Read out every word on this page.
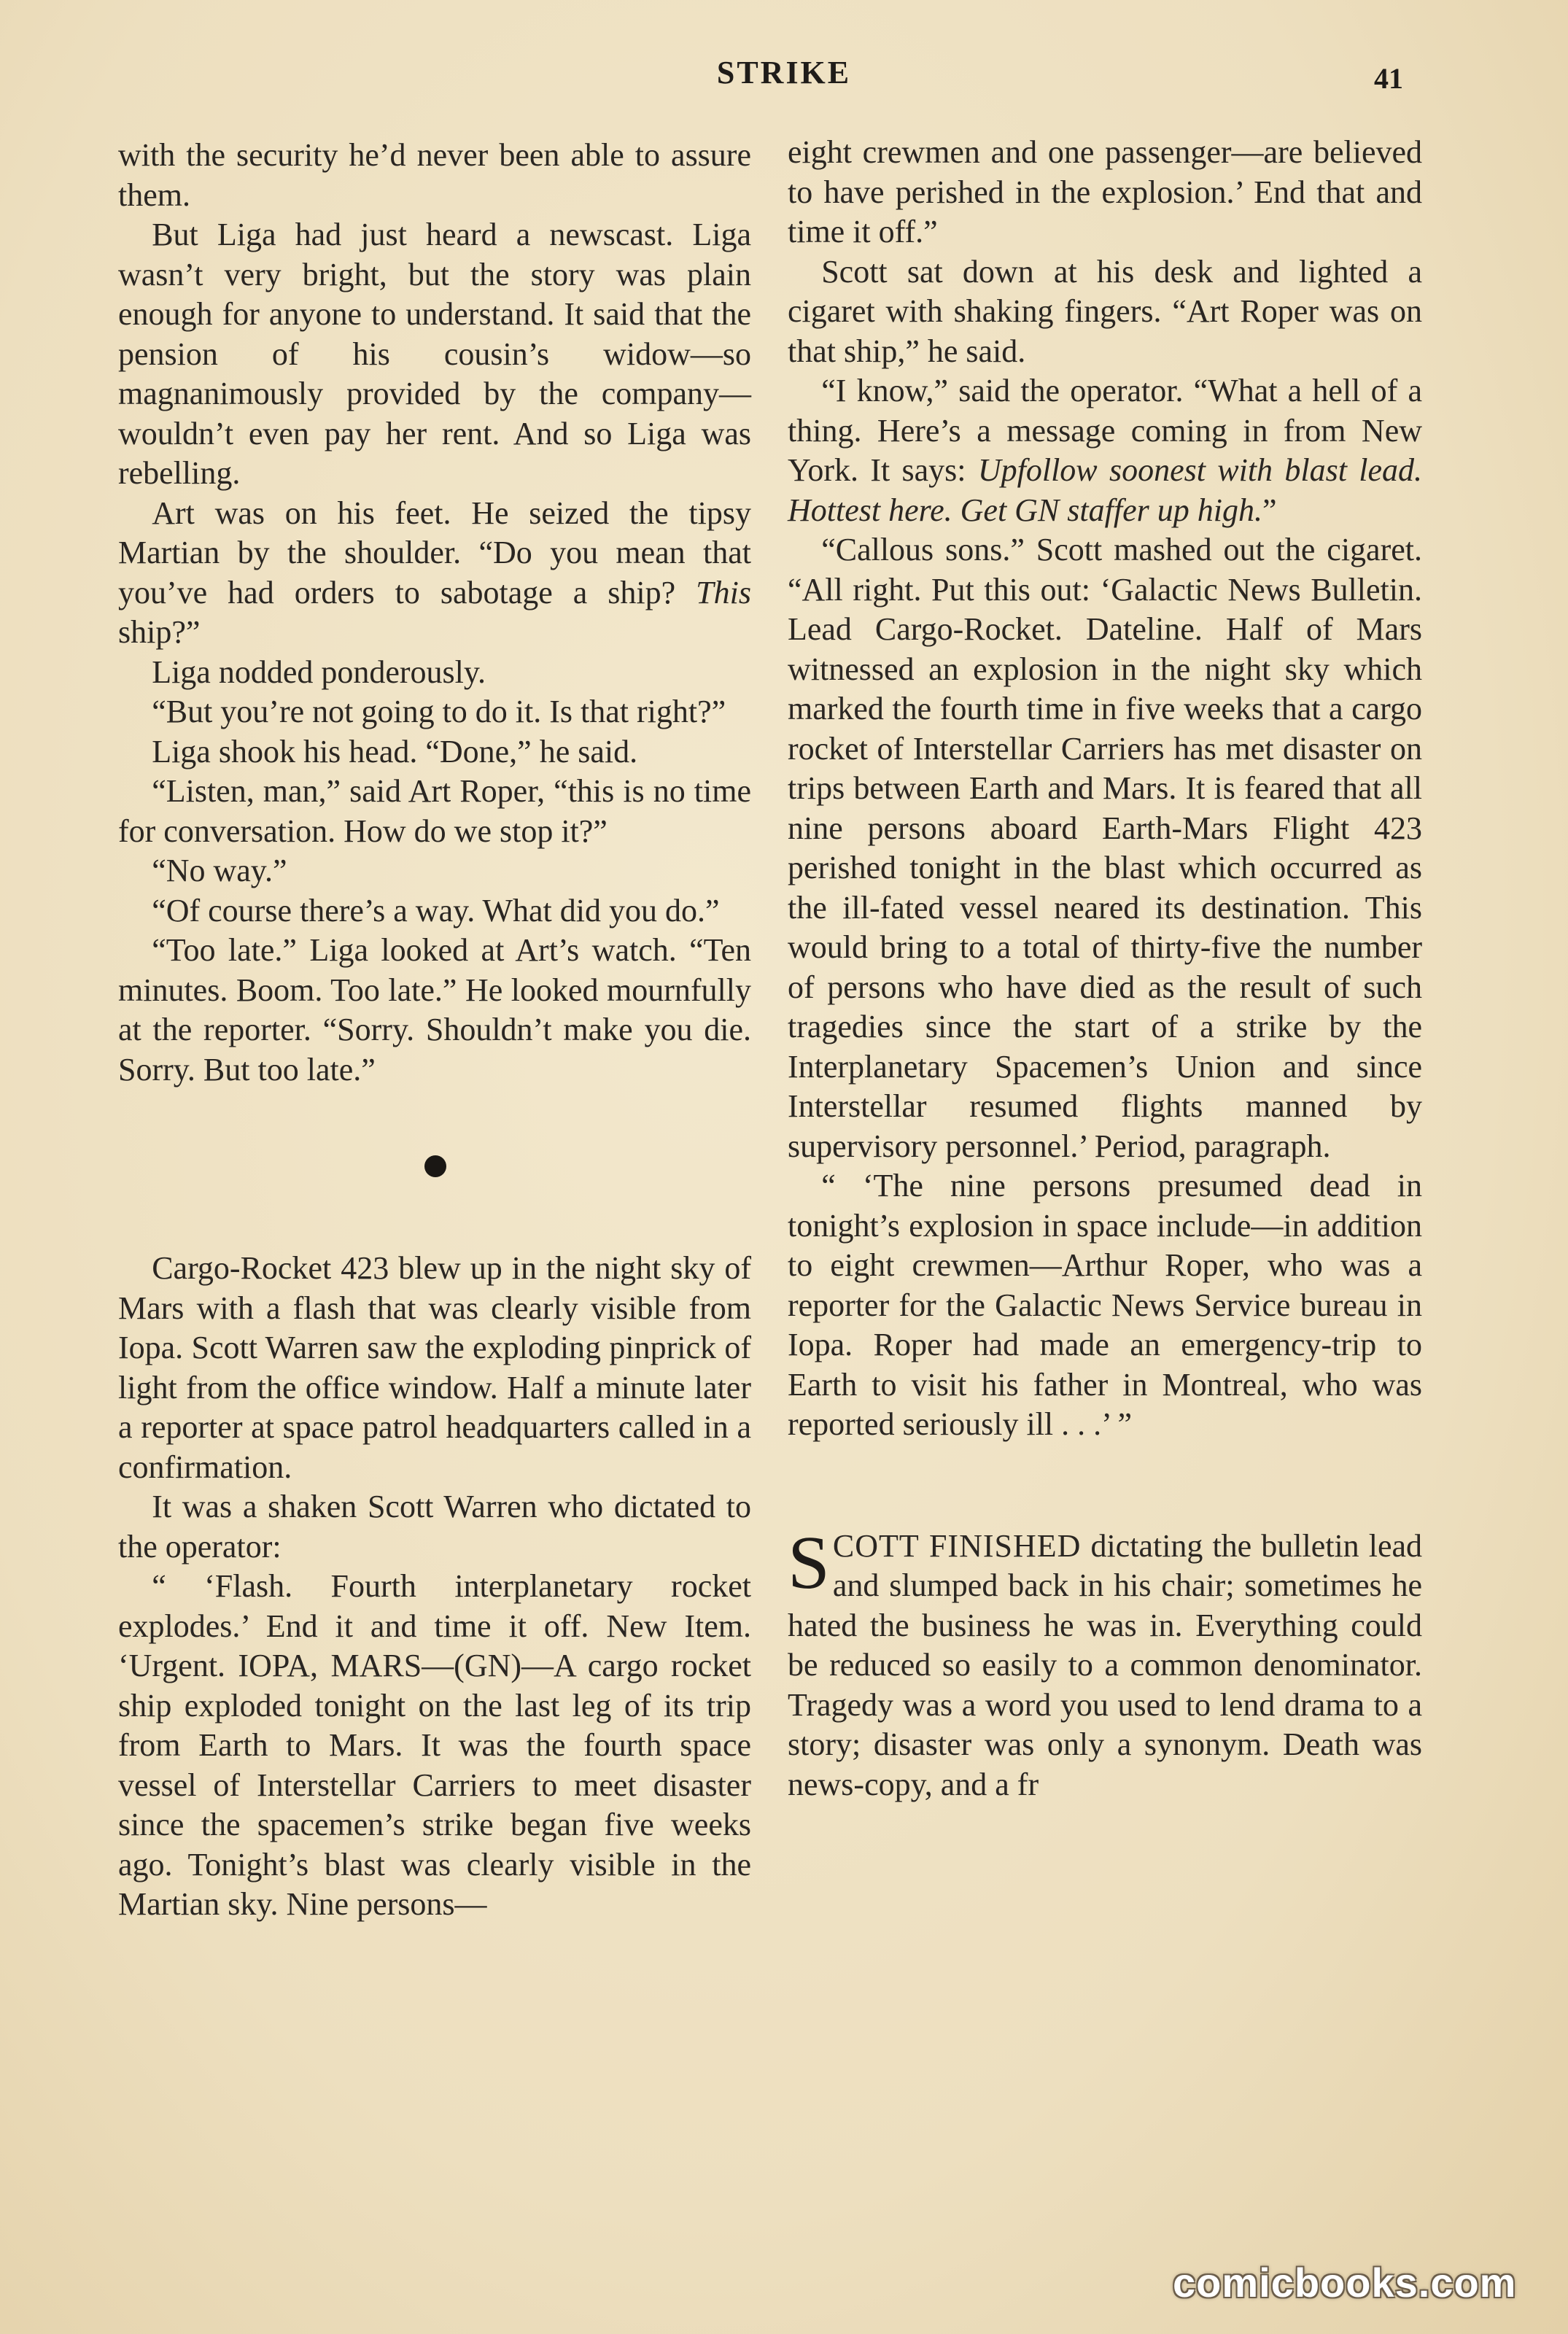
STRIKE	41

with the security he’d never been able to assure them.

But Liga had just heard a newscast. Liga wasn’t very bright, but the story was plain enough for anyone to understand. It said that the pension of his cousin’s widow—so magnanimously provided by the company—wouldn’t even pay her rent. And so Liga was rebelling.

Art was on his feet. He seized the tipsy Martian by the shoulder. “Do you mean that you’ve had orders to sabotage a ship? This ship?”

Liga nodded ponderously.

“But you’re not going to do it. Is that right?”

Liga shook his head. “Done,” he said.

“Listen, man,” said Art Roper, “this is no time for conversation. How do we stop it?”

“No way.”

“Of course there’s a way. What did you do.”

“Too late.” Liga looked at Art’s watch. “Ten minutes. Boom. Too late.” He looked mournfully at the reporter. “Sorry. Shouldn’t make you die. Sorry. But too late.”

Cargo-Rocket 423 blew up in the night sky of Mars with a flash that was clearly visible from Iopa. Scott Warren saw the exploding pinprick of light from the office window. Half a minute later a reporter at space patrol headquarters called in a confirmation.

It was a shaken Scott Warren who dictated to the operator:

“ ‘Flash. Fourth interplanetary rocket explodes.’ End it and time it off. New Item. ‘Urgent. IOPA, MARS—(GN)—A cargo rocket ship exploded tonight on the last leg of its trip from Earth to Mars. It was the fourth space vessel of Interstellar Carriers to meet disaster since the spacemen’s strike began five weeks ago. Tonight’s blast was clearly visible in the Martian sky. Nine persons—

eight crewmen and one passenger—are believed to have perished in the explosion.’ End that and time it off.”

Scott sat down at his desk and lighted a cigaret with shaking fingers. “Art Roper was on that ship,” he said.

“I know,” said the operator. “What a hell of a thing. Here’s a message coming in from New York. It says: Upfollow soonest with blast lead. Hottest here. Get GN staffer up high.”

“Callous sons.” Scott mashed out the cigaret. “All right. Put this out: ‘Galactic News Bulletin. Lead Cargo-Rocket. Dateline. Half of Mars witnessed an explosion in the night sky which marked the fourth time in five weeks that a cargo rocket of Interstellar Carriers has met disaster on trips between Earth and Mars. It is feared that all nine persons aboard Earth-Mars Flight 423 perished tonight in the blast which occurred as the ill-fated vessel neared its destination. This would bring to a total of thirty-five the number of persons who have died as the result of such tragedies since the start of a strike by the Interplanetary Spacemen’s Union and since Interstellar resumed flights manned by supervisory personnel.’ Period, paragraph.

“ ‘The nine persons presumed dead in tonight’s explosion in space include—in addition to eight crewmen—Arthur Roper, who was a reporter for the Galactic News Service bureau in Iopa. Roper had made an emergency-trip to Earth to visit his father in Montreal, who was reported seriously ill . . .’ ”

SCOTT FINISHED dictating the bulletin lead and slumped back in his chair; sometimes he hated the business he was in. Everything could be reduced so easily to a common denominator. Tragedy was a word you used to lend drama to a story; disaster was only a synonym. Death was news-copy, and a fr

comicbooks.com
